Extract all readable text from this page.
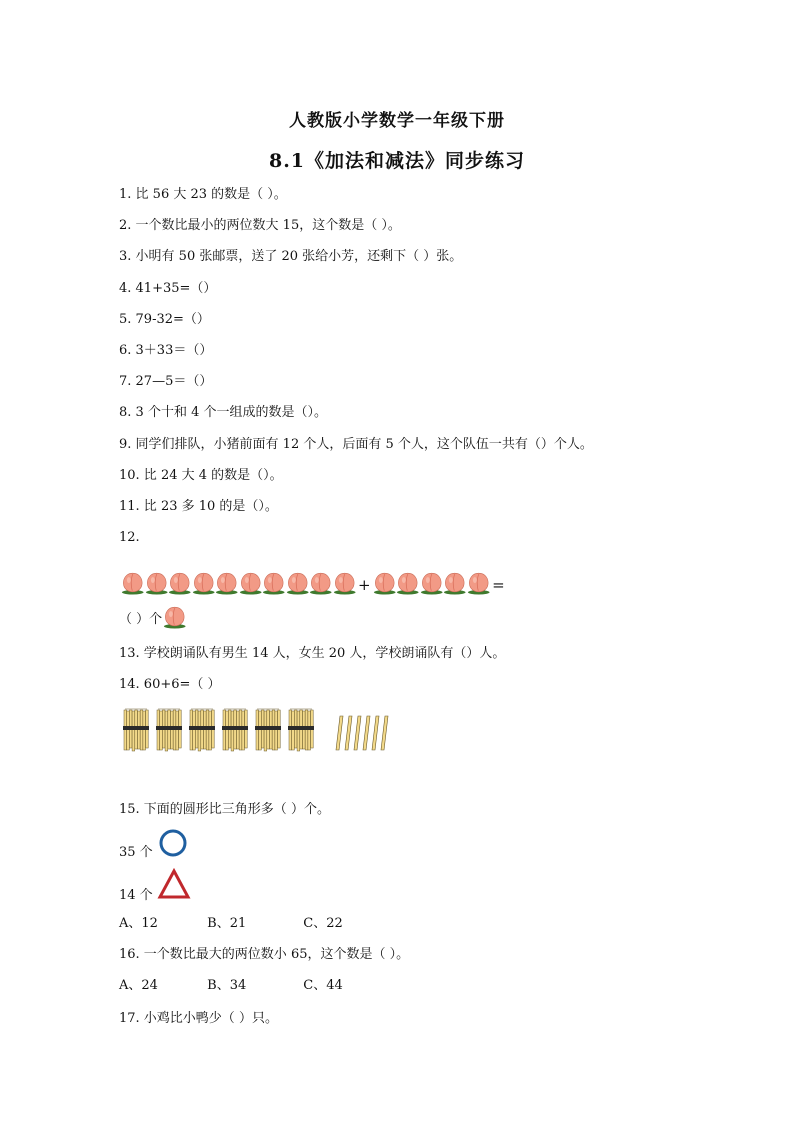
人教版小学数学一年级下册
8.1《加法和减法》同步练习
1. 比 56 大 23 的数是（ ）。
2. 一个数比最小的两位数大 15，这个数是（ ）。
3. 小明有 50 张邮票，送了 20 张给小芳，还剩下（ ）张。
4. 41+35=（）
5. 79-32=（）
6. 3＋33＝（）
7. 27—5＝（）
8. 3 个十和 4 个一组成的数是（）。
9. 同学们排队，小猪前面有 12 个人，后面有 5 个人，这个队伍一共有（）个人。
10. 比 24 大 4 的数是（）。
11. 比 23 多 10 的是（）。
12.
+	=
（ ）个
13. 学校朗诵队有男生 14 人，女生 20 人，学校朗诵队有（）人。
14. 60+6=（ ）
15. 下面的圆形比三角形多（ ）个。
35 个
14 个
A、12	B、21	C、22
16. 一个数比最大的两位数小 65，这个数是（ ）。
A、24	B、34	C、44
17. 小鸡比小鸭少（ ）只。
